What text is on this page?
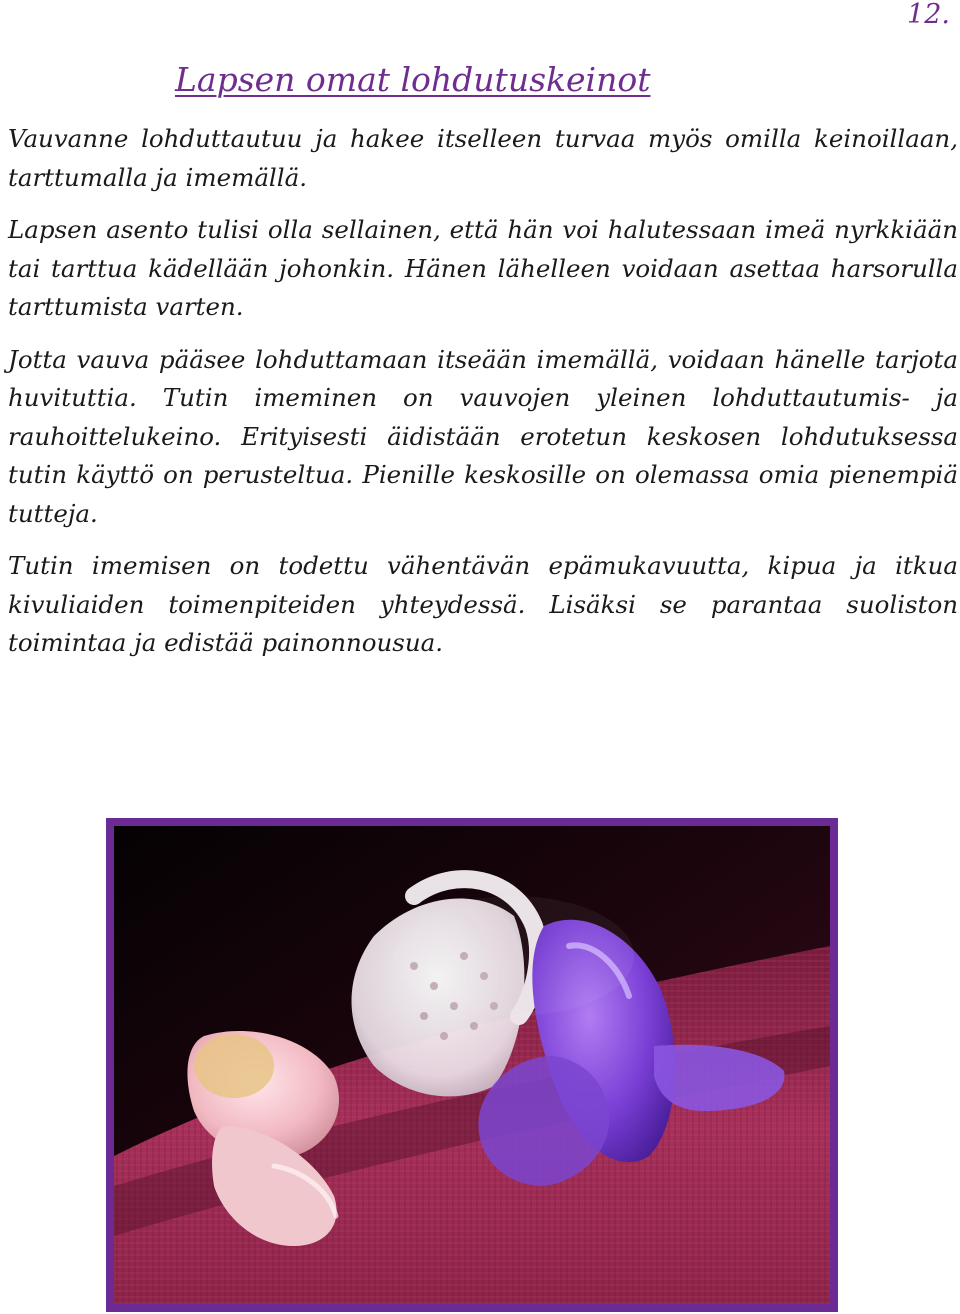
12.
Lapsen omat lohdutuskeinot

Vauvanne lohduttautuu ja hakee itselleen turvaa myös omilla keinoillaan, tarttumalla ja imemällä.

Lapsen asento tulisi olla sellainen, että hän voi halutessaan imeä nyrkkiään tai tarttua kädellään johonkin. Hänen lähelleen voidaan asettaa harsorulla tarttumista varten.

Jotta vauva pääsee lohduttamaan itseään imemällä, voidaan hänelle tarjota huvituttia. Tutin imeminen on vauvojen yleinen lohduttautumis- ja rauhoittelukeino. Erityisesti äidistään erotetun keskosen lohdutuksessa tutin käyttö on perusteltua. Pienille keskosille on olemassa omia pienempiä tutteja.

Tutin imemisen on todettu vähentävän epämukavuutta, kipua ja itkua kivuliaiden toimenpiteiden yhteydessä. Lisäksi se parantaa suoliston toimintaa ja edistää painonnousua.
